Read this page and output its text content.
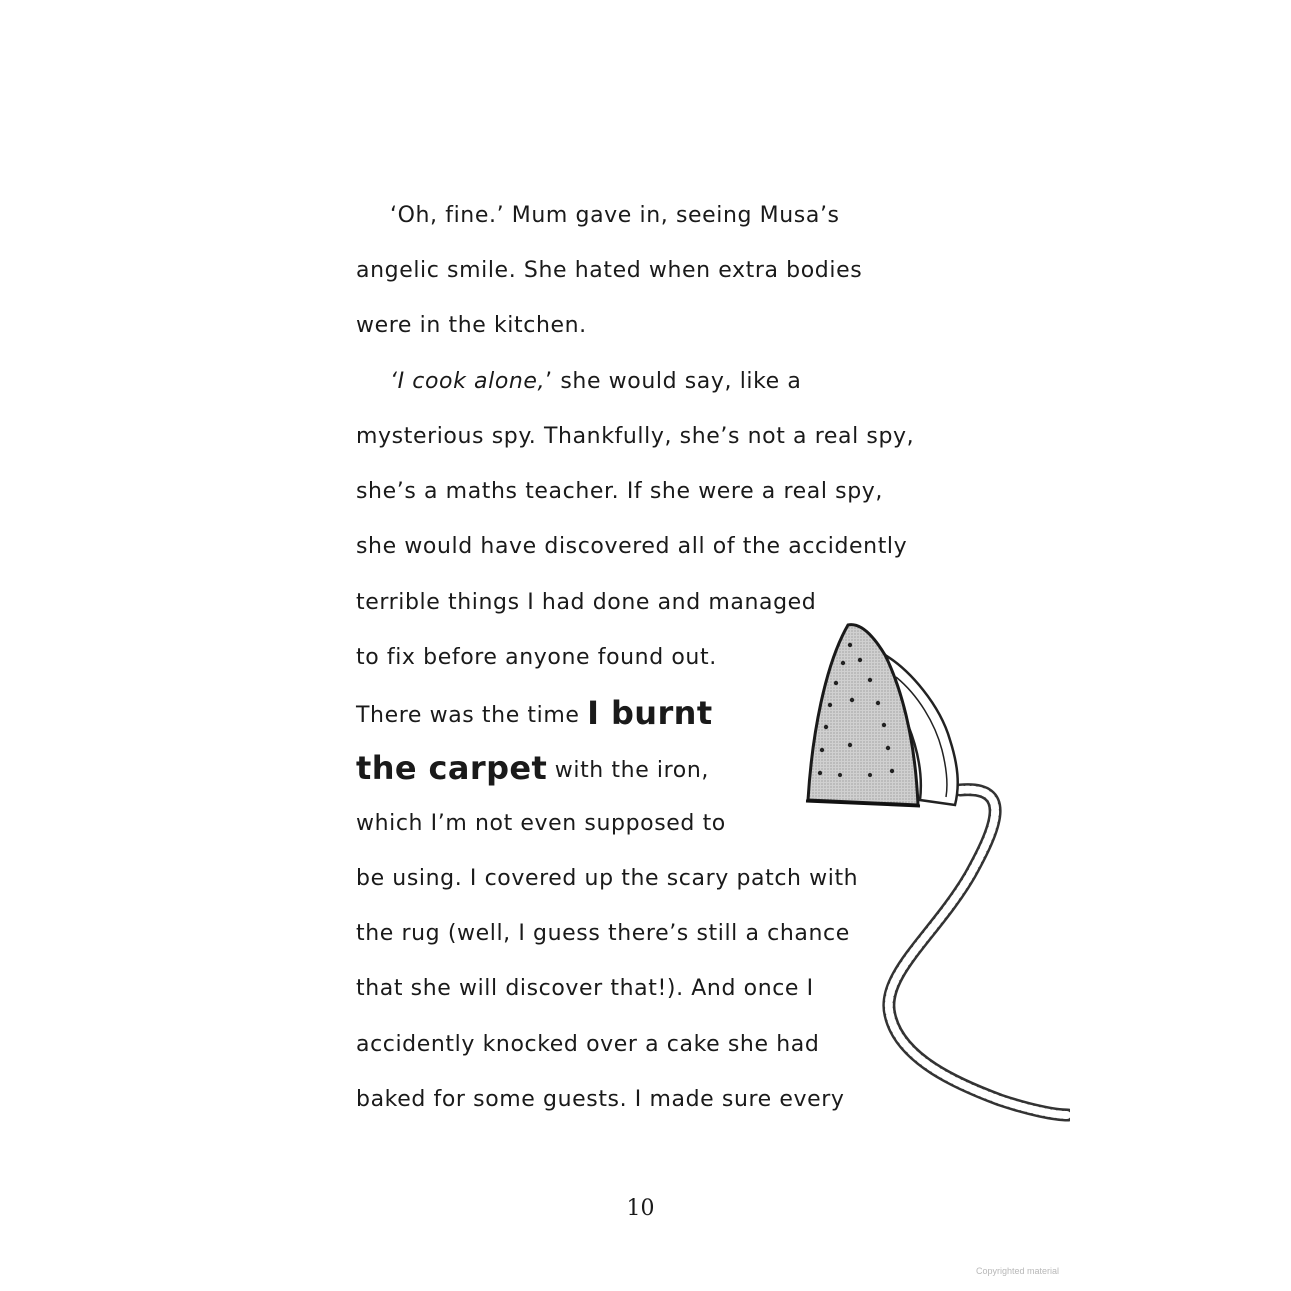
‘Oh, fine.’ Mum gave in, seeing Musa’s
angelic smile. She hated when extra bodies
were in the kitchen.
‘I cook alone,’ she would say, like a
mysterious spy. Thankfully, she’s not a real spy,
she’s a maths teacher. If she were a real spy,
she would have discovered all of the accidently
terrible things I had done and managed
to fix before anyone found out.
There was the time I burnt
the carpet with the iron,
which I’m not even supposed to
be using. I covered up the scary patch with
the rug (well, I guess there’s still a chance
that she will discover that!). And once I
accidently knocked over a cake she had
baked for some guests. I made sure every
10
Copyrighted material
